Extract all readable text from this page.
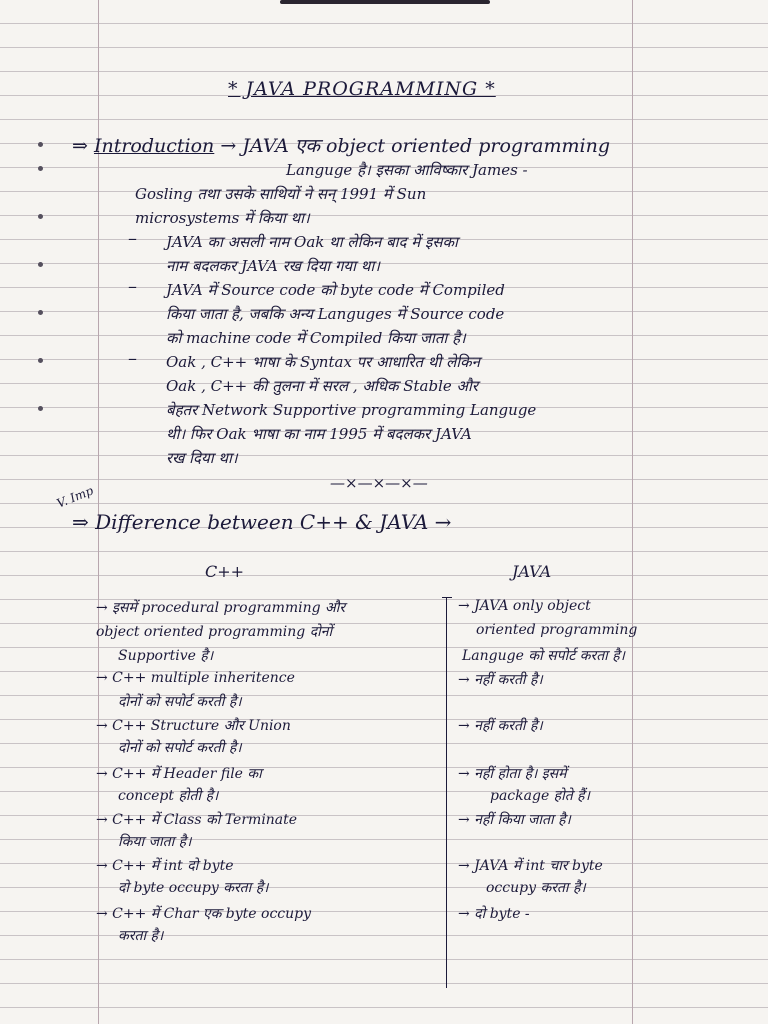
* JAVA PROGRAMMING *
⇒ Introduction → JAVA एक object oriented programming
Languge है। इसका आविष्कार James -
Gosling तथा उसके साथियों ने सन् 1991 में Sun
microsystems में किया था।
– JAVA का असली नाम Oak था लेकिन बाद में इसका
नाम बदलकर JAVA रख दिया गया था।
– JAVA में Source code को byte code में Compiled
किया जाता है, जबकि अन्य Languges में Source code
को machine code में Compiled किया जाता है।
– Oak , C++ भाषा के Syntax पर आधारित थी लेकिन
Oak , C++ की तुलना में सरल , अधिक Stable और
बेहतर Network Supportive programming Languge
थी। फिर Oak भाषा का नाम 1995 में बदलकर JAVA
रख दिया था।
—×—×—×—
V. Imp
⇒ Difference between C++ & JAVA →
C++	JAVA
→ इसमें procedural programming और
object oriented programming दोनों
Supportive है।
→ JAVA only object
oriented programming
Languge को सपोर्ट करता है।
→ C++ multiple inheritence
दोनों को सपोर्ट करती है।
→ नहीं करती है।
→ C++ Structure और Union
दोनों को सपोर्ट करती है।
→ नहीं करती है।
→ C++ में Header file का
concept होती है।
→ नहीं होता है। इसमें
package होते हैं।
→ C++ में Class को Terminate
किया जाता है।
→ नहीं किया जाता है।
→ C++ में int दो byte
दो byte occupy करता है।
→ JAVA में int चार byte
occupy करता है।
→ C++ में Char एक byte occupy
करता है।
→ दो byte -
